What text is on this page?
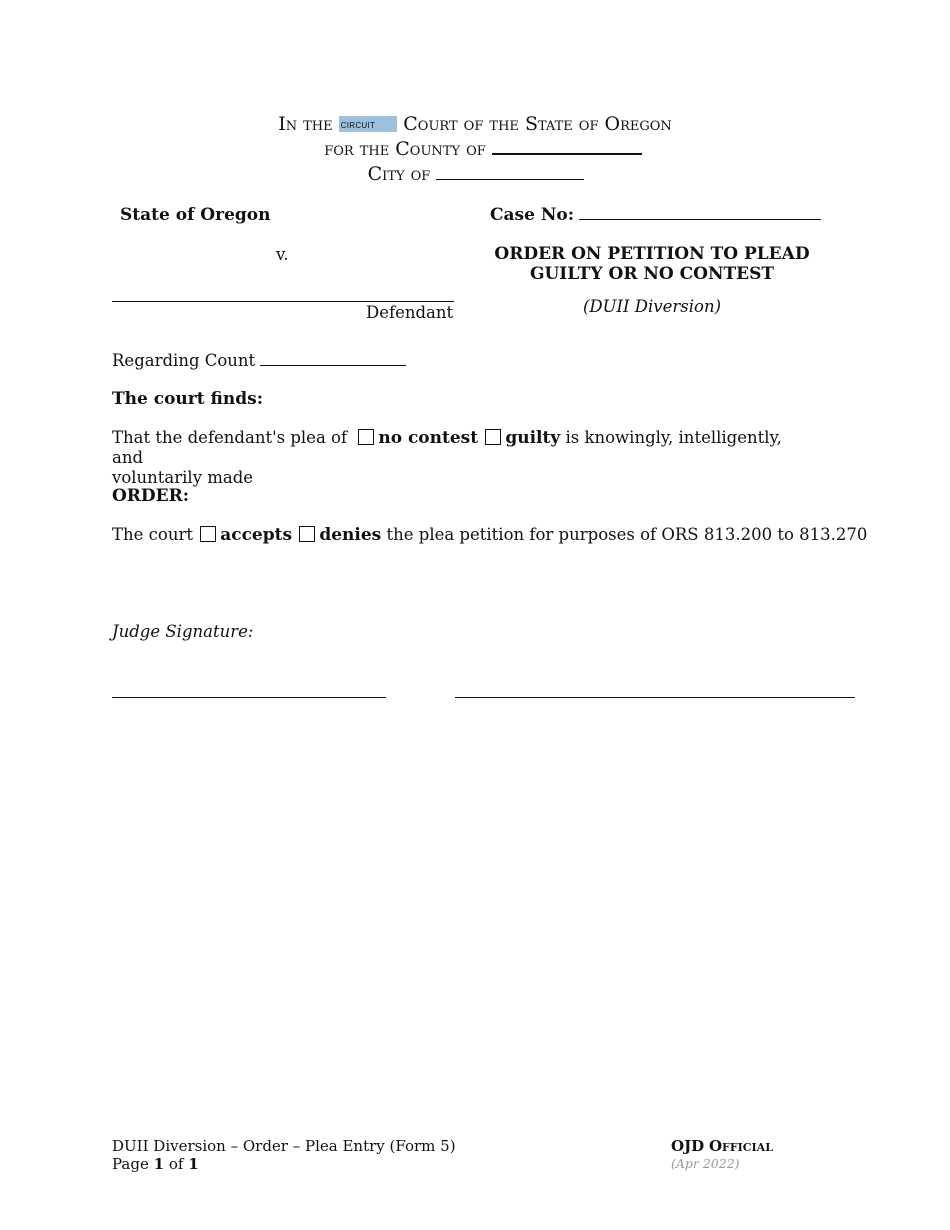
In the circuit Court of the State of Oregon
for the County of
City of
State of Oregon
v.
Defendant
Case No:
ORDER ON PETITION TO PLEAD
GUILTY OR NO CONTEST
(DUII Diversion)
Regarding Count
The court finds:
That the defendant's plea of no contest guilty is knowingly, intelligently, and
voluntarily made
ORDER:
The court accepts denies the plea petition for purposes of ORS 813.200 to 813.270
Judge Signature:
DUII Diversion – Order – Plea Entry (Form 5)
Page 1 of 1
OJD Official
(Apr 2022)
